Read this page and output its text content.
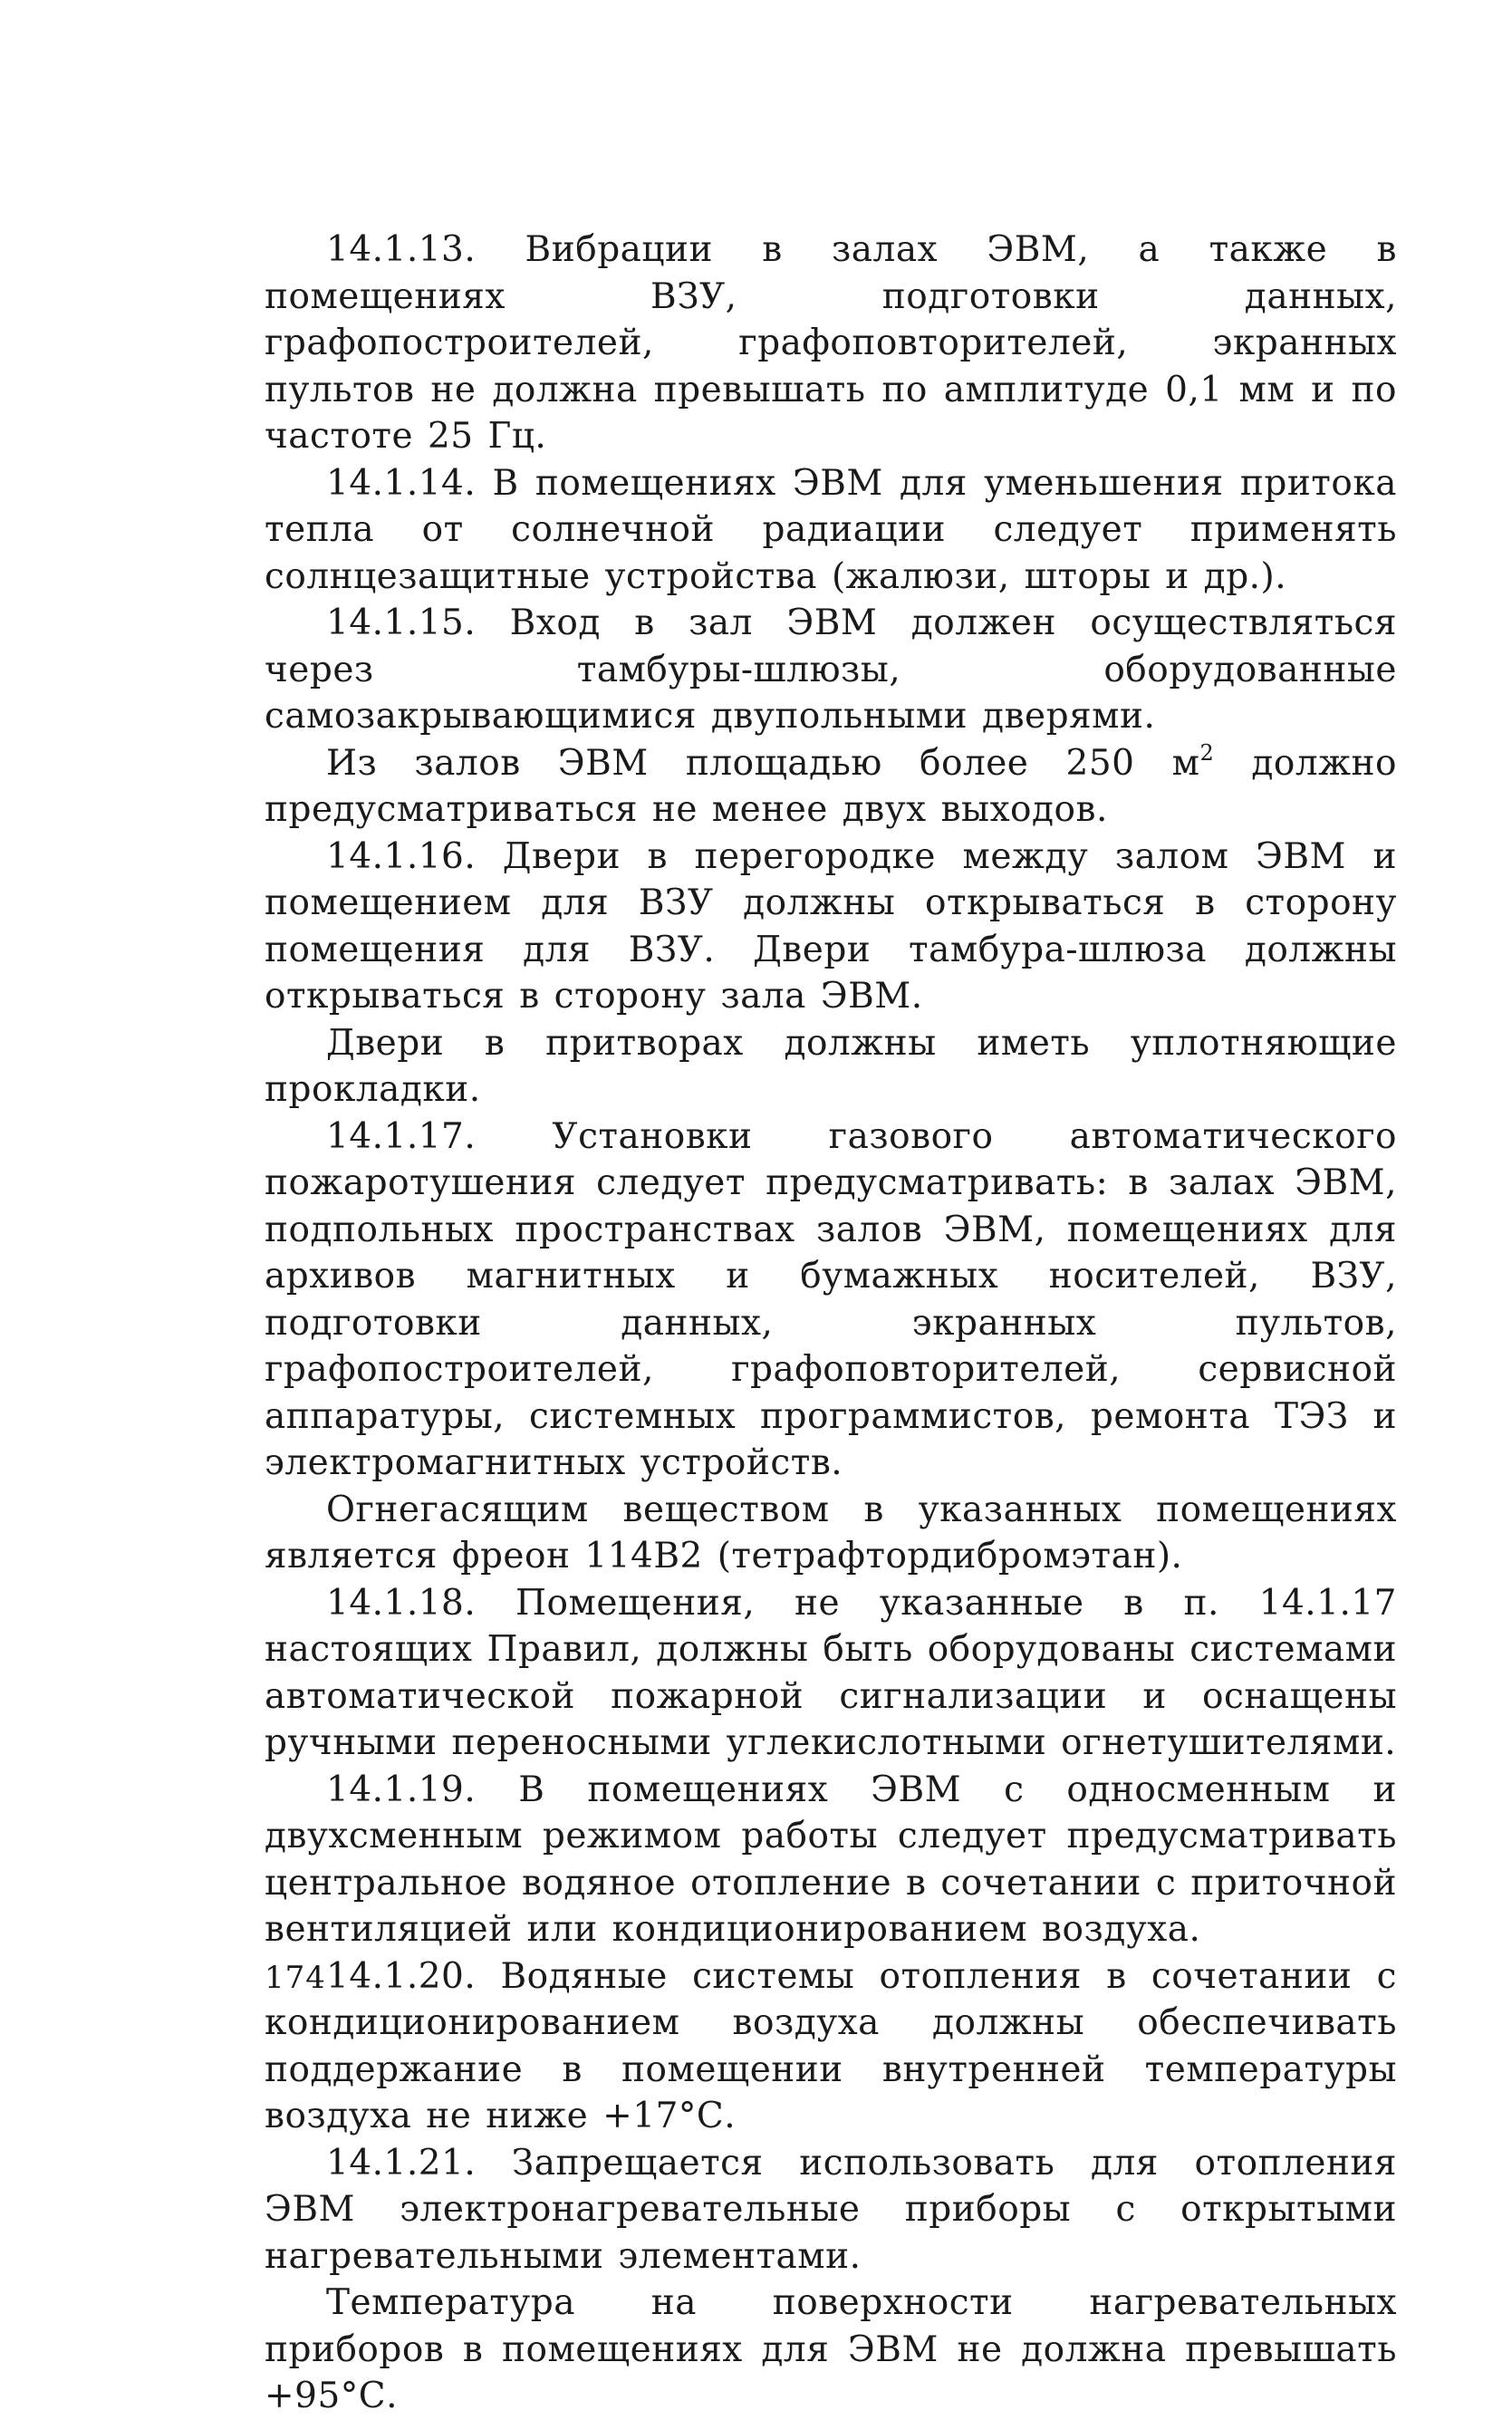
14.1.13. Вибрации в залах ЭВМ, а также в помещениях ВЗУ, подготовки данных, графопостроителей, графоповторителей, экранных пультов не должна превышать по амплитуде 0,1 мм и по частоте 25 Гц.

14.1.14. В помещениях ЭВМ для уменьшения притока тепла от солнечной радиации следует применять солнцезащитные устройства (жалюзи, шторы и др.).

14.1.15. Вход в зал ЭВМ должен осуществляться через тамбуры-шлюзы, оборудованные самозакрывающимися двупольными дверями.

Из залов ЭВМ площадью более 250 $м^2$ должно предусматриваться не менее двух выходов.

14.1.16. Двери в перегородке между залом ЭВМ и помещением для ВЗУ должны открываться в сторону помещения для ВЗУ. Двери тамбура-шлюза должны открываться в сторону зала ЭВМ.

Двери в притворах должны иметь уплотняющие прокладки.

14.1.17. Установки газового автоматического пожаротушения следует предусматривать: в залах ЭВМ, подпольных пространствах залов ЭВМ, помещениях для архивов магнитных и бумажных носителей, ВЗУ, подготовки данных, экранных пультов, графопостроителей, графоповторителей, сервисной аппаратуры, системных программистов, ремонта ТЭЗ и электромагнитных устройств.

Огнегасящим веществом в указанных помещениях является фреон 114В2 (тетрафтордибромэтан).

14.1.18. Помещения, не указанные в п. 14.1.17 настоящих Правил, должны быть оборудованы системами автоматической пожарной сигнализации и оснащены ручными переносными углекислотными огнетушителями.

14.1.19. В помещениях ЭВМ с односменным и двухсменным режимом работы следует предусматривать центральное водяное отопление в сочетании с приточной вентиляцией или кондиционированием воздуха.

14.1.20. Водяные системы отопления в сочетании с кондиционированием воздуха должны обеспечивать поддержание в помещении внутренней температуры воздуха не ниже +17°С.

14.1.21. Запрещается использовать для отопления ЭВМ электронагревательные приборы с открытыми нагревательными элементами.

Температура на поверхности нагревательных приборов в помещениях для ЭВМ не должна превышать +95°С.

174
